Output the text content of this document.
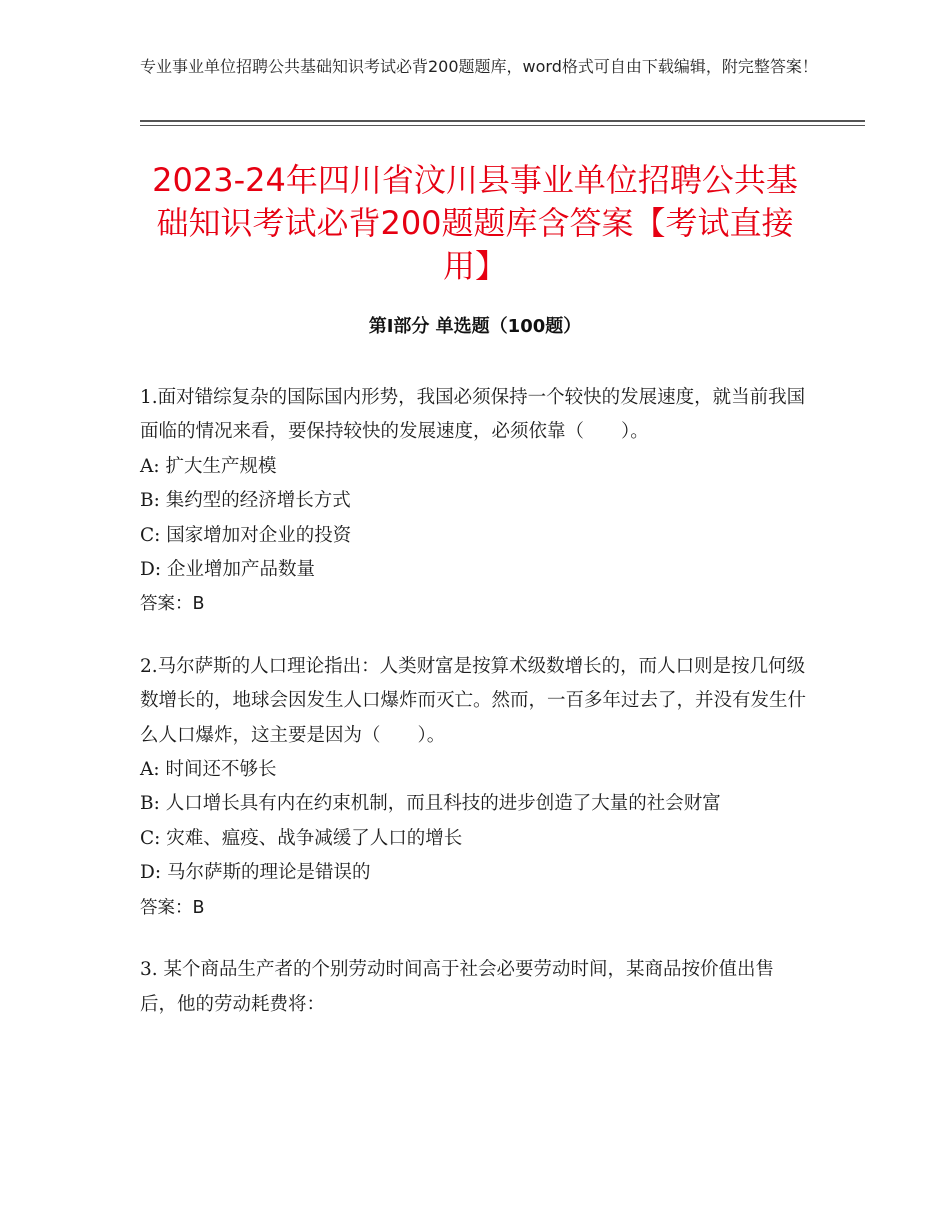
专业事业单位招聘公共基础知识考试必背200题题库，word格式可自由下载编辑，附完整答案！
2023-24年四川省汶川县事业单位招聘公共基础知识考试必背200题题库含答案【考试直接用】
第Ⅰ部分 单选题（100题）

1.面对错综复杂的国际国内形势，我国必须保持一个较快的发展速度，就当前我国面临的情况来看，要保持较快的发展速度，必须依靠（　　）。

A: 扩大生产规模

B: 集约型的经济增长方式

C: 国家增加对企业的投资

D: 企业增加产品数量

答案：B

2.马尔萨斯的人口理论指出：人类财富是按算术级数增长的，而人口则是按几何级数增长的，地球会因发生人口爆炸而灭亡。然而，一百多年过去了，并没有发生什么人口爆炸，这主要是因为（　　）。

A: 时间还不够长

B: 人口增长具有内在约束机制，而且科技的进步创造了大量的社会财富

C: 灾难、瘟疫、战争减缓了人口的增长

D: 马尔萨斯的理论是错误的

答案：B

3. 某个商品生产者的个别劳动时间高于社会必要劳动时间，某商品按价值出售后，他的劳动耗费将：
